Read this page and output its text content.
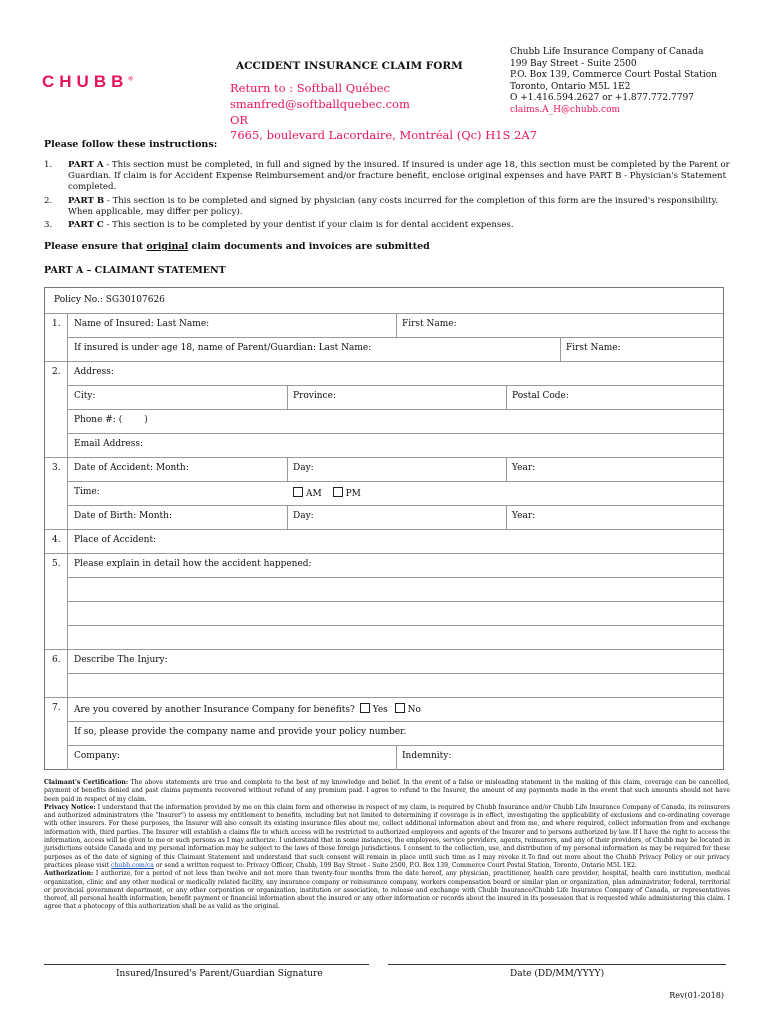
CHUBB®
ACCIDENT INSURANCE CLAIM FORM
Return to : Softball Québec
smanfred@softballquebec.com
OR
7665, boulevard Lacordaire, Montréal (Qc) H1S 2A7
Chubb Life Insurance Company of Canada
199 Bay Street - Suite 2500
P.O. Box 139, Commerce Court Postal Station
Toronto, Ontario M5L 1E2
O +1.416.594.2627 or +1.877.772.7797
claims.A_H@chubb.com
Please follow these instructions:
1.	PART A - This section must be completed, in full and signed by the insured. If insured is under age 18, this section must be completed by the Parent or Guardian. If claim is for Accident Expense Reimbursement and/or fracture benefit, enclose original expenses and have PART B - Physician's Statement completed.
2.	PART B - This section is to be completed and signed by physician (any costs incurred for the completion of this form are the insured's responsibility. When applicable, may differ per policy).
3.	PART C - This section is to be completed by your dentist if your claim is for dental accident expenses.
Please ensure that original claim documents and invoices are submitted
PART A – CLAIMANT STATEMENT
Policy No.: SG30107626
1. Name of Insured: Last Name:	First Name:
If insured is under age 18, name of Parent/Guardian: Last Name:	First Name:
2. Address:
City:	Province:	Postal Code:
Phone #: ( )
Email Address:
3. Date of Accident: Month:	Day:	Year:
Time:	AM	PM
Date of Birth: Month:	Day:	Year:
4. Place of Accident:
5. Please explain in detail how the accident happened:
6. Describe The Injury:
7. Are you covered by another Insurance Company for benefits? Yes No
If so, please provide the company name and provide your policy number.
Company:	Indemnity:
Claimant's Certification: The above statements are true and complete to the best of my knowledge and belief. In the event of a false or misleading statement in the making of this claim, coverage can be cancelled, payment of benefits denied and past claims payments recovered without refund of any premium paid. I agree to refund to the Insurer, the amount of any payments made in the event that such amounts should not have been paid in respect of my claim.
Privacy Notice: I understand that the information provided by me on this claim form and otherwise in respect of my claim, is required by Chubb Insurance and/or Chubb Life Insurance Company of Canada, its reinsurers and authorized administrators (the "Insurer") to assess my entitlement to benefits, including but not limited to determining if coverage is in effect, investigating the applicability of exclusions and co-ordinating coverage with other insurers. For these purposes, the Insurer will also consult its existing insurance files about me, collect additional information about and from me, and where required, collect information from and exchange information with, third parties. The Insurer will establish a claims file to which access will be restricted to authorized employees and agents of the Insurer and to persons authorized by law. If I have the right to access the information, access will be given to me or such persons as I may authorize. I understand that in some instances, the employees, service providers, agents, reinsurers, and any of their providers, of Chubb may be located in jurisdictions outside Canada and my personal information may be subject to the laws of those foreign jurisdictions. I consent to the collection, use, and distribution of my personal information as may be required for these purposes as of the date of signing of this Claimant Statement and understand that such consent will remain in place until such time as I may revoke it.To find out more about the Chubb Privacy Policy or our privacy practices please visit chubb.com/ca or send a written request to: Privacy Officer, Chubb, 199 Bay Street - Suite 2500, P.O. Box 139, Commerce Court Postal Station, Toronto, Ontario M5L 1E2.
Authorization: I authorize, for a period of not less than twelve and not more than twenty-four months from the date hereof, any physician, practitioner, health care provider, hospital, health care institution, medical organization, clinic and any other medical or medically related facility, any insurance company or reinsurance company, workers compensation board or similar plan or organization, plan administrator, federal, territorial or provincial government department, or any other corporation or organization, institution or association, to release and exchange with Chubb Insurance/Chubb Life Insurance Company of Canada, or representatives thereof, all personal health information, benefit payment or financial information about the insured or any other information or records about the insured in its possession that is requested while administering this claim. I agree that a photocopy of this authorization shall be as valid as the original.
Insured/Insured's Parent/Guardian Signature	Date (DD/MM/YYYY)
Rev(01-2018)
